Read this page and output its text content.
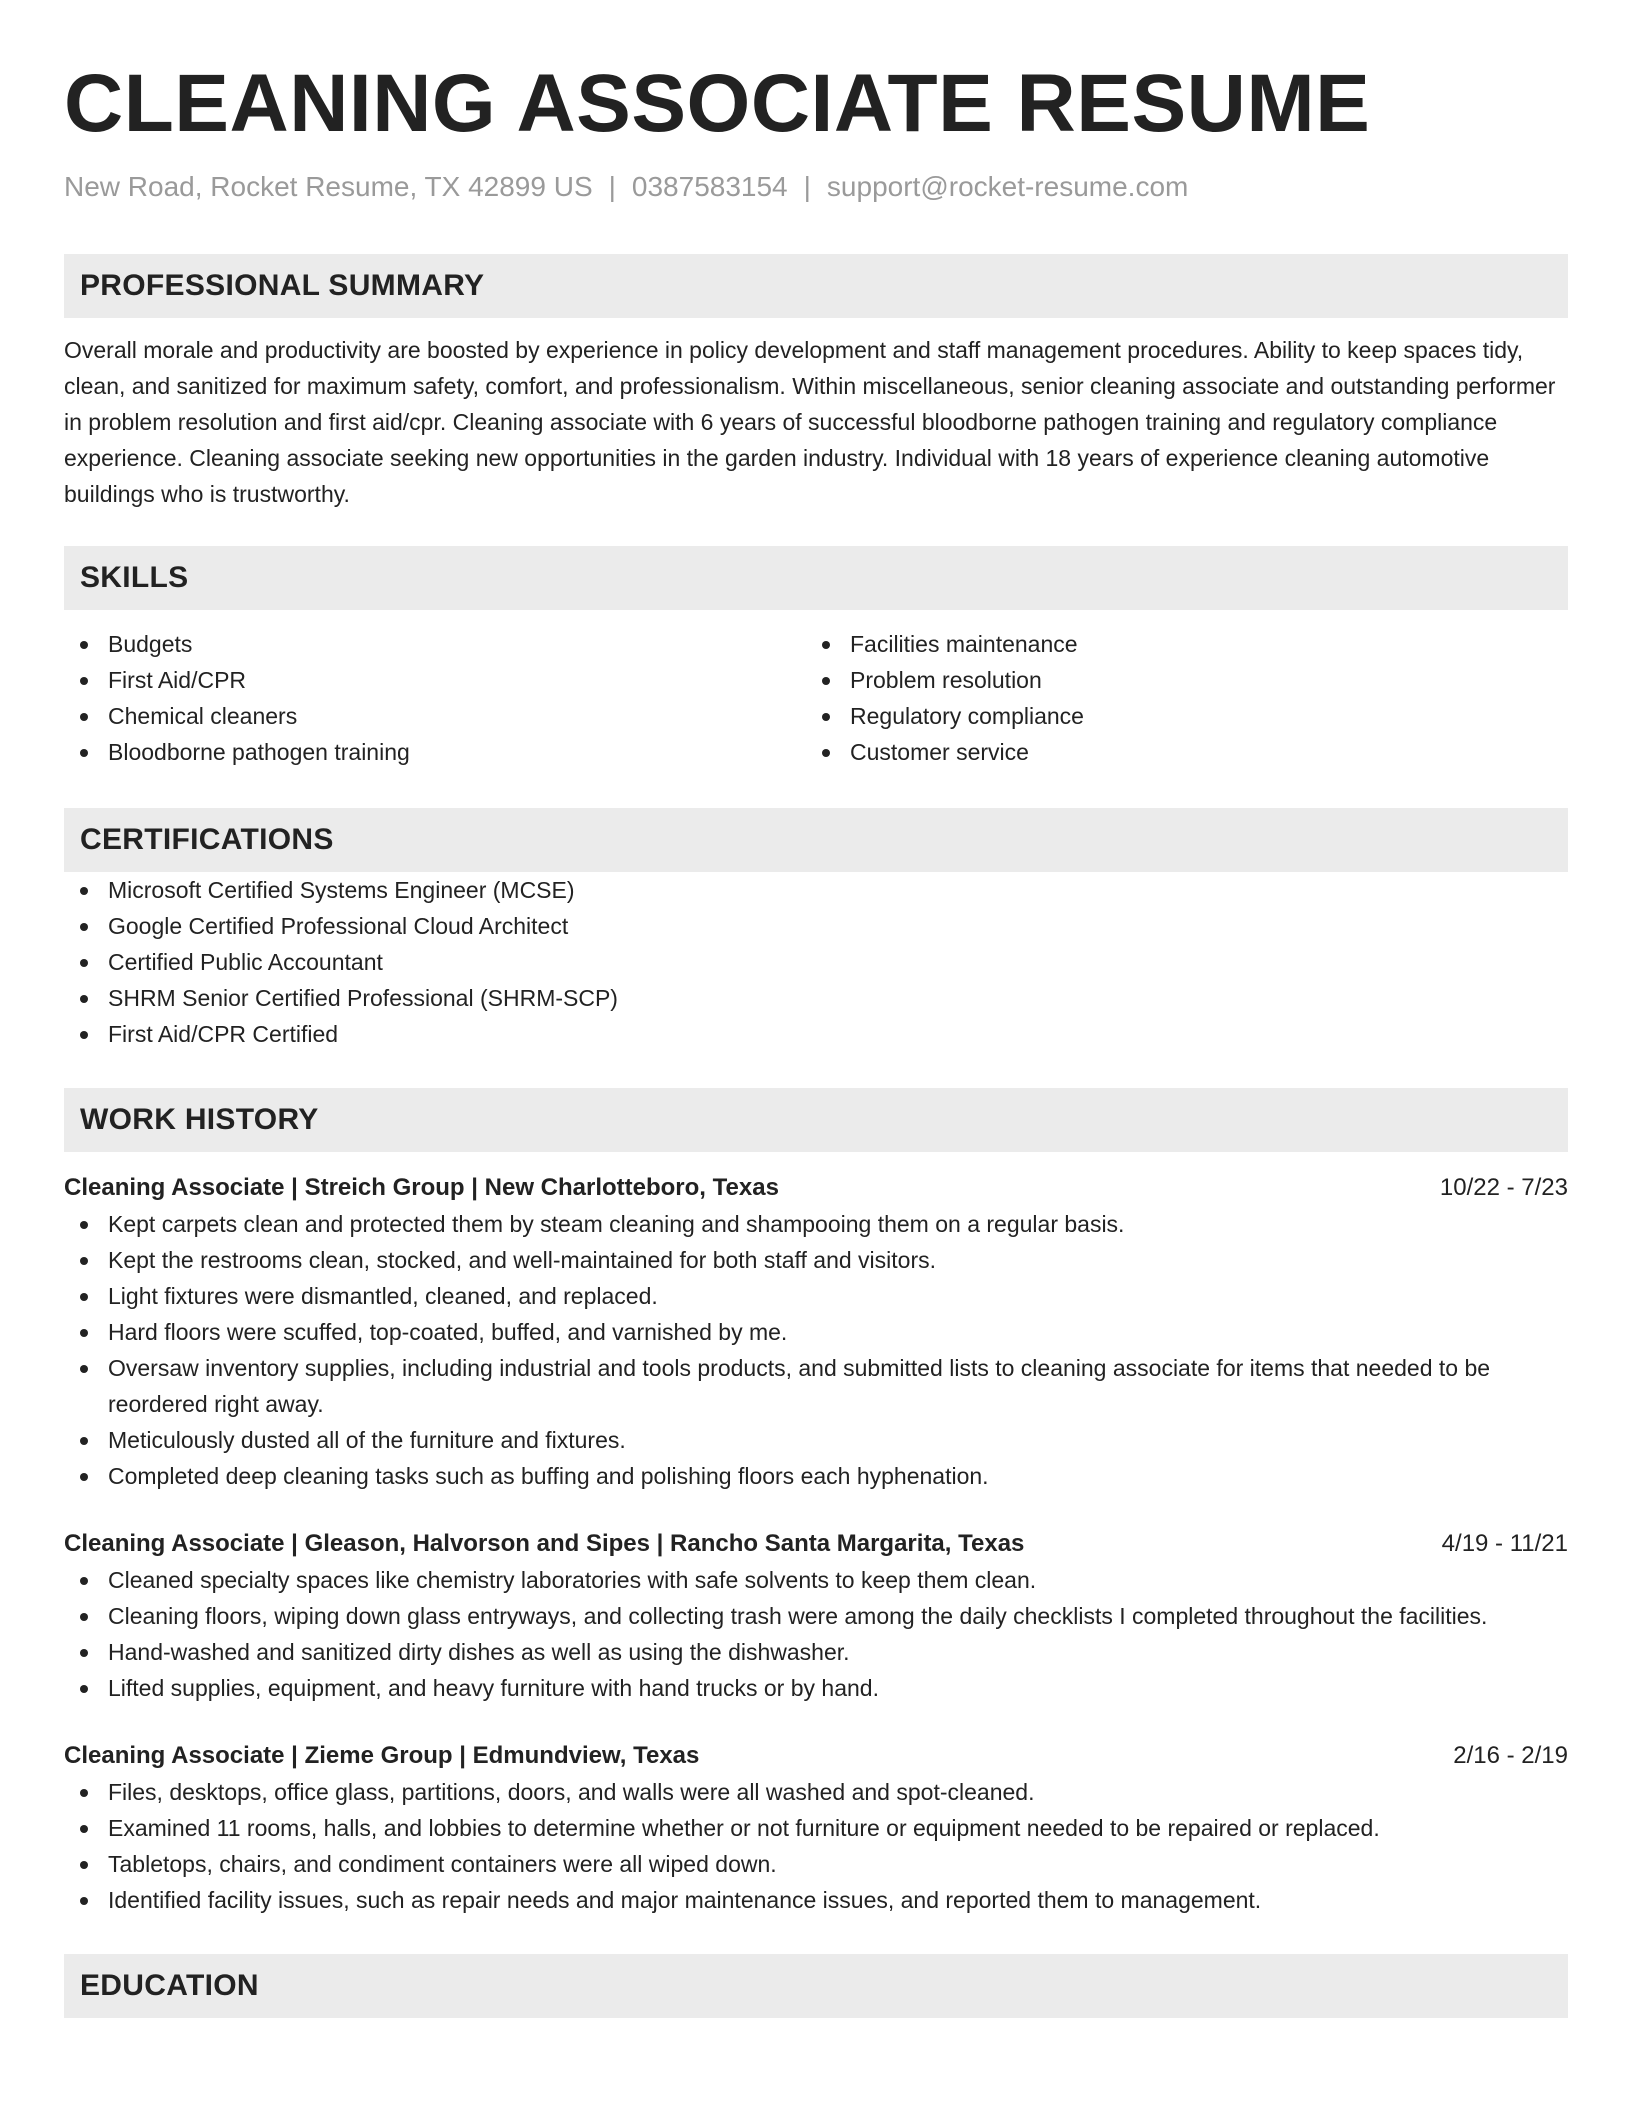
CLEANING ASSOCIATE RESUME
New Road, Rocket Resume, TX 42899 US | 0387583154 | support@rocket-resume.com
PROFESSIONAL SUMMARY
Overall morale and productivity are boosted by experience in policy development and staff management procedures. Ability to keep spaces tidy, clean, and sanitized for maximum safety, comfort, and professionalism. Within miscellaneous, senior cleaning associate and outstanding performer in problem resolution and first aid/cpr. Cleaning associate with 6 years of successful bloodborne pathogen training and regulatory compliance experience. Cleaning associate seeking new opportunities in the garden industry. Individual with 18 years of experience cleaning automotive buildings who is trustworthy.
SKILLS
Budgets
First Aid/CPR
Chemical cleaners
Bloodborne pathogen training
Facilities maintenance
Problem resolution
Regulatory compliance
Customer service
CERTIFICATIONS
Microsoft Certified Systems Engineer (MCSE)
Google Certified Professional Cloud Architect
Certified Public Accountant
SHRM Senior Certified Professional (SHRM-SCP)
First Aid/CPR Certified
WORK HISTORY
Cleaning Associate | Streich Group | New Charlotteboro, Texas	10/22 - 7/23
Kept carpets clean and protected them by steam cleaning and shampooing them on a regular basis.
Kept the restrooms clean, stocked, and well-maintained for both staff and visitors.
Light fixtures were dismantled, cleaned, and replaced.
Hard floors were scuffed, top-coated, buffed, and varnished by me.
Oversaw inventory supplies, including industrial and tools products, and submitted lists to cleaning associate for items that needed to be reordered right away.
Meticulously dusted all of the furniture and fixtures.
Completed deep cleaning tasks such as buffing and polishing floors each hyphenation.
Cleaning Associate | Gleason, Halvorson and Sipes | Rancho Santa Margarita, Texas	4/19 - 11/21
Cleaned specialty spaces like chemistry laboratories with safe solvents to keep them clean.
Cleaning floors, wiping down glass entryways, and collecting trash were among the daily checklists I completed throughout the facilities.
Hand-washed and sanitized dirty dishes as well as using the dishwasher.
Lifted supplies, equipment, and heavy furniture with hand trucks or by hand.
Cleaning Associate | Zieme Group | Edmundview, Texas	2/16 - 2/19
Files, desktops, office glass, partitions, doors, and walls were all washed and spot-cleaned.
Examined 11 rooms, halls, and lobbies to determine whether or not furniture or equipment needed to be repaired or replaced.
Tabletops, chairs, and condiment containers were all wiped down.
Identified facility issues, such as repair needs and major maintenance issues, and reported them to management.
EDUCATION
